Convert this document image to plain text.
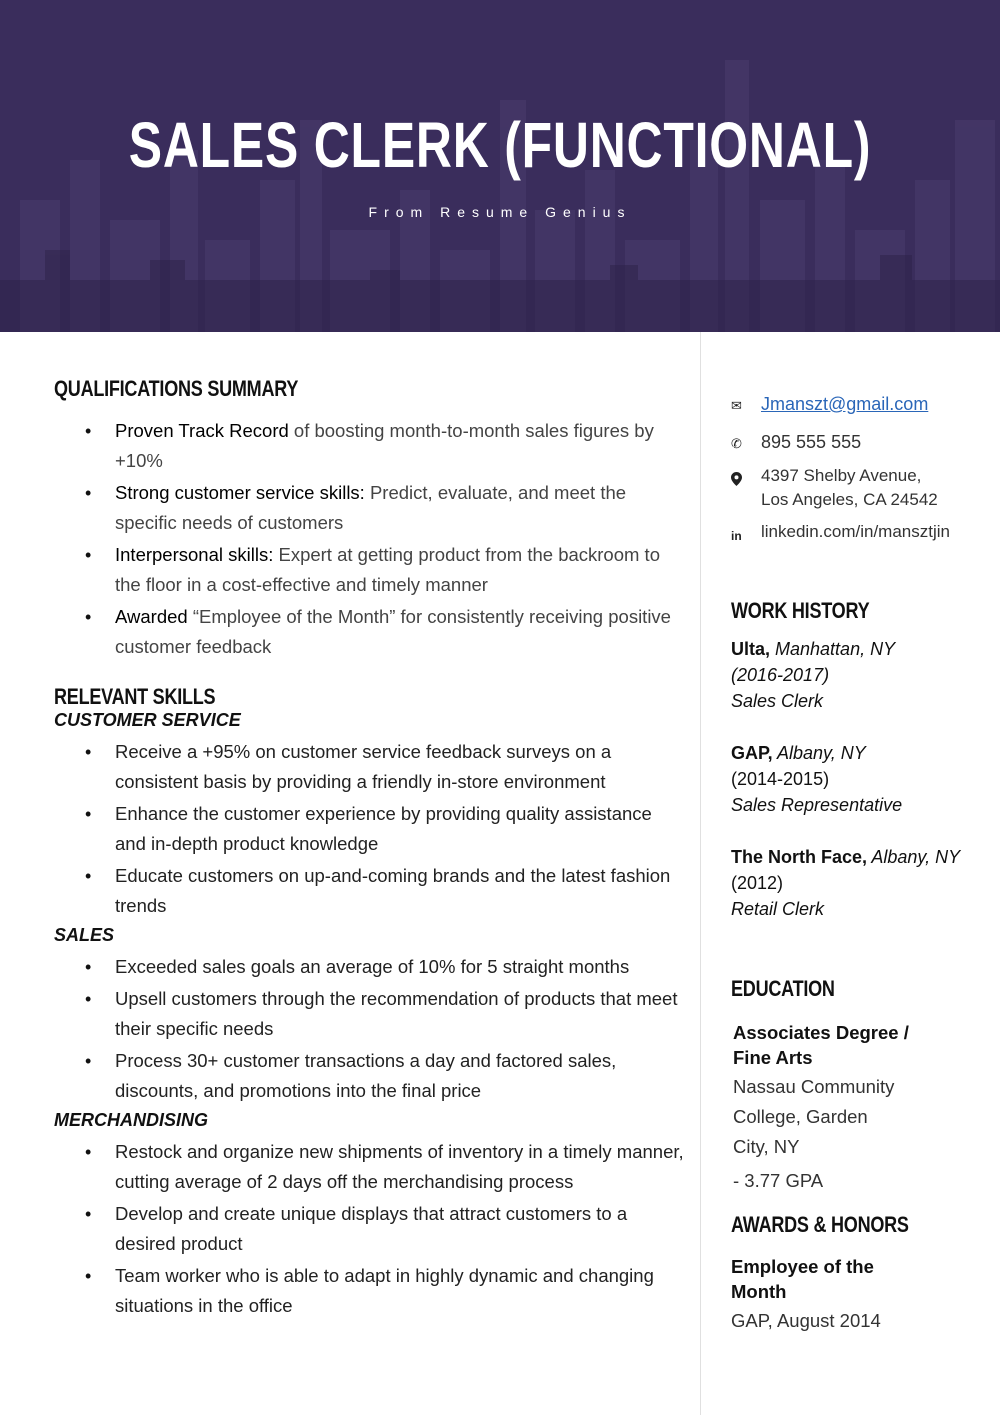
SALES CLERK (FUNCTIONAL)
From Resume Genius
QUALIFICATIONS SUMMARY
• Proven Track Record of boosting month-to-month sales figures by +10%
• Strong customer service skills: Predict, evaluate, and meet the specific needs of customers
• Interpersonal skills: Expert at getting product from the backroom to the floor in a cost-effective and timely manner
• Awarded “Employee of the Month” for consistently receiving positive customer feedback
RELEVANT SKILLS
CUSTOMER SERVICE
• Receive a +95% on customer service feedback surveys on a consistent basis by providing a friendly in-store environment
• Enhance the customer experience by providing quality assistance and in-depth product knowledge
• Educate customers on up-and-coming brands and the latest fashion trends
SALES
• Exceeded sales goals an average of 10% for 5 straight months
• Upsell customers through the recommendation of products that meet their specific needs
• Process 30+ customer transactions a day and factored sales, discounts, and promotions into the final price
MERCHANDISING
• Restock and organize new shipments of inventory in a timely manner, cutting average of 2 days off the merchandising process
• Develop and create unique displays that attract customers to a desired product
• Team worker who is able to adapt in highly dynamic and changing situations in the office
✉	Jmanszt@gmail.com
✆	895 555 555
4397 Shelby Avenue,
Los Angeles, CA 24542
in	linkedin.com/in/mansztjin
WORK HISTORY

Ulta, Manhattan, NY

(2016-2017)

Sales Clerk

GAP, Albany, NY

(2014-2015)

Sales Representative

The North Face, Albany, NY

(2012)

Retail Clerk

EDUCATION
Associates Degree /
Fine Arts
Nassau Community
College, Garden
City, NY
- 3.77 GPA
AWARDS & HONORS
Employee of the
Month
GAP, August 2014
